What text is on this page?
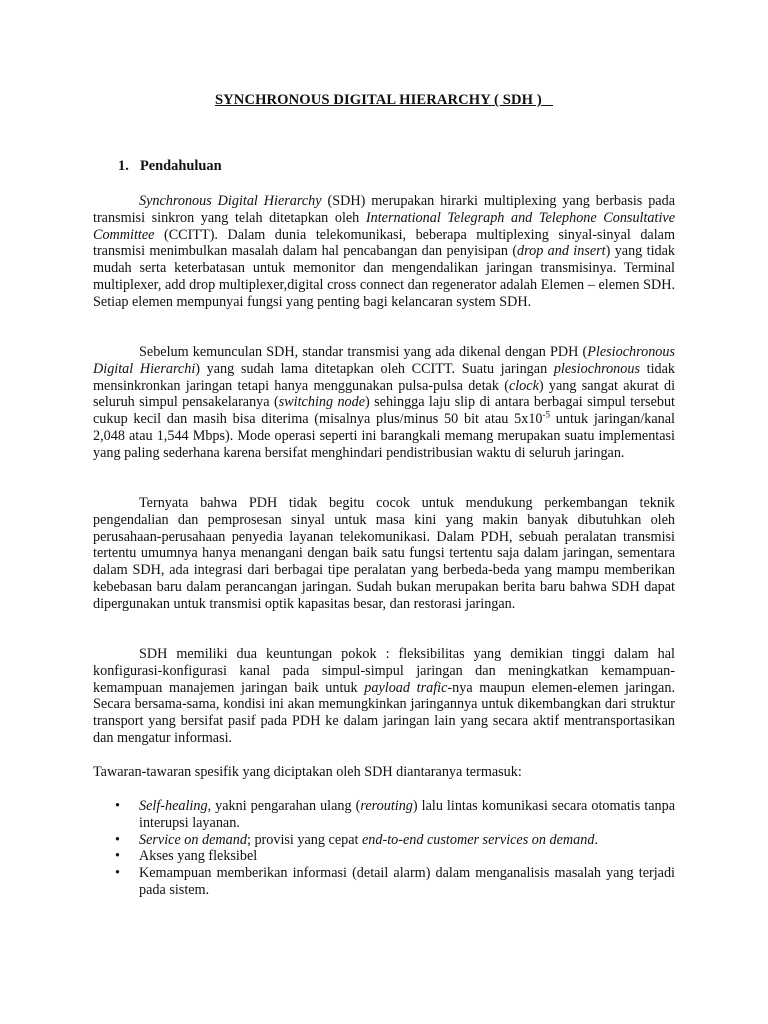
SYNCHRONOUS DIGITAL HIERARCHY ( SDH )
1. Pendahuluan

Synchronous Digital Hierarchy (SDH) merupakan hirarki multiplexing yang berbasis pada transmisi sinkron yang telah ditetapkan oleh International Telegraph and Telephone Consultative Committee (CCITT). Dalam dunia telekomunikasi, beberapa multiplexing sinyal-sinyal dalam transmisi menimbulkan masalah dalam hal pencabangan dan penyisipan (drop and insert) yang tidak mudah serta keterbatasan untuk memonitor dan mengendalikan jaringan transmisinya. Terminal multiplexer, add drop multiplexer,digital cross connect dan regenerator adalah Elemen – elemen SDH. Setiap elemen mempunyai fungsi yang penting bagi kelancaran system SDH.

Sebelum kemunculan SDH, standar transmisi yang ada dikenal dengan PDH (Plesiochronous Digital Hierarchi) yang sudah lama ditetapkan oleh CCITT. Suatu jaringan plesiochronous tidak mensinkronkan jaringan tetapi hanya menggunakan pulsa-pulsa detak (clock) yang sangat akurat di seluruh simpul pensakelaranya (switching node) sehingga laju slip di antara berbagai simpul tersebut cukup kecil dan masih bisa diterima (misalnya plus/minus 50 bit atau $5x10^{-5}$ untuk jaringan/kanal 2,048 atau 1,544 Mbps). Mode operasi seperti ini barangkali memang merupakan suatu implementasi yang paling sederhana karena bersifat menghindari pendistribusian waktu di seluruh jaringan.

Ternyata bahwa PDH tidak begitu cocok untuk mendukung perkembangan teknik pengendalian dan pemprosesan sinyal untuk masa kini yang makin banyak dibutuhkan oleh perusahaan-perusahaan penyedia layanan telekomunikasi. Dalam PDH, sebuah peralatan transmisi tertentu umumnya hanya menangani dengan baik satu fungsi tertentu saja dalam jaringan, sementara dalam SDH, ada integrasi dari berbagai tipe peralatan yang berbeda-beda yang mampu memberikan kebebasan baru dalam perancangan jaringan. Sudah bukan merupakan berita baru bahwa SDH dapat dipergunakan untuk transmisi optik kapasitas besar, dan restorasi jaringan.

SDH memiliki dua keuntungan pokok : fleksibilitas yang demikian tinggi dalam hal konfigurasi-konfigurasi kanal pada simpul-simpul jaringan dan meningkatkan kemampuan-kemampuan manajemen jaringan baik untuk payload trafic-nya maupun elemen-elemen jaringan. Secara bersama-sama, kondisi ini akan memungkinkan jaringannya untuk dikembangkan dari struktur transport yang bersifat pasif pada PDH ke dalam jaringan lain yang secara aktif mentransportasikan dan mengatur informasi.

Tawaran-tawaran spesifik yang diciptakan oleh SDH diantaranya termasuk:

• Self-healing, yakni pengarahan ulang (rerouting) lalu lintas komunikasi secara otomatis tanpa interupsi layanan.
• Service on demand; provisi yang cepat end-to-end customer services on demand.
• Akses yang fleksibel
• Kemampuan memberikan informasi (detail alarm) dalam menganalisis masalah yang terjadi pada sistem.
